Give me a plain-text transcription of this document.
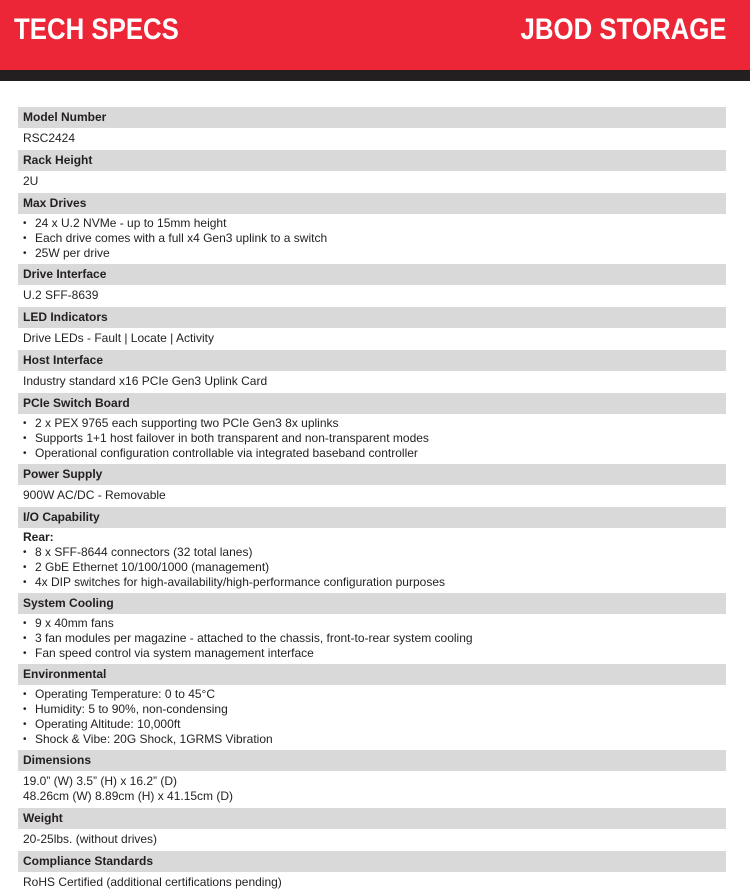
TECH SPECS	JBOD STORAGE
Model Number
RSC2424
Rack Height
2U
Max Drives
• 24 x U.2 NVMe - up to 15mm height
• Each drive comes with a full x4 Gen3 uplink to a switch
• 25W per drive
Drive Interface
U.2 SFF-8639
LED Indicators
Drive LEDs - Fault | Locate | Activity
Host Interface
Industry standard x16 PCIe Gen3 Uplink Card
PCIe Switch Board
• 2 x PEX 9765 each supporting two PCIe Gen3 8x uplinks
• Supports 1+1 host failover in both transparent and non-transparent modes
• Operational configuration controllable via integrated baseband controller
Power Supply
900W AC/DC - Removable
I/O Capability
Rear:
• 8 x SFF-8644 connectors (32 total lanes)
• 2 GbE Ethernet 10/100/1000 (management)
• 4x DIP switches for high-availability/high-performance configuration purposes
System Cooling
• 9 x 40mm fans
• 3 fan modules per magazine - attached to the chassis, front-to-rear system cooling
• Fan speed control via system management interface
Environmental
• Operating Temperature: 0 to 45°C
• Humidity: 5 to 90%, non-condensing
• Operating Altitude: 10,000ft
• Shock & Vibe: 20G Shock, 1GRMS Vibration
Dimensions
19.0” (W) 3.5” (H) x 16.2” (D)
48.26cm (W) 8.89cm (H) x 41.15cm (D)
Weight
20-25lbs. (without drives)
Compliance Standards
RoHS Certified (additional certifications pending)
